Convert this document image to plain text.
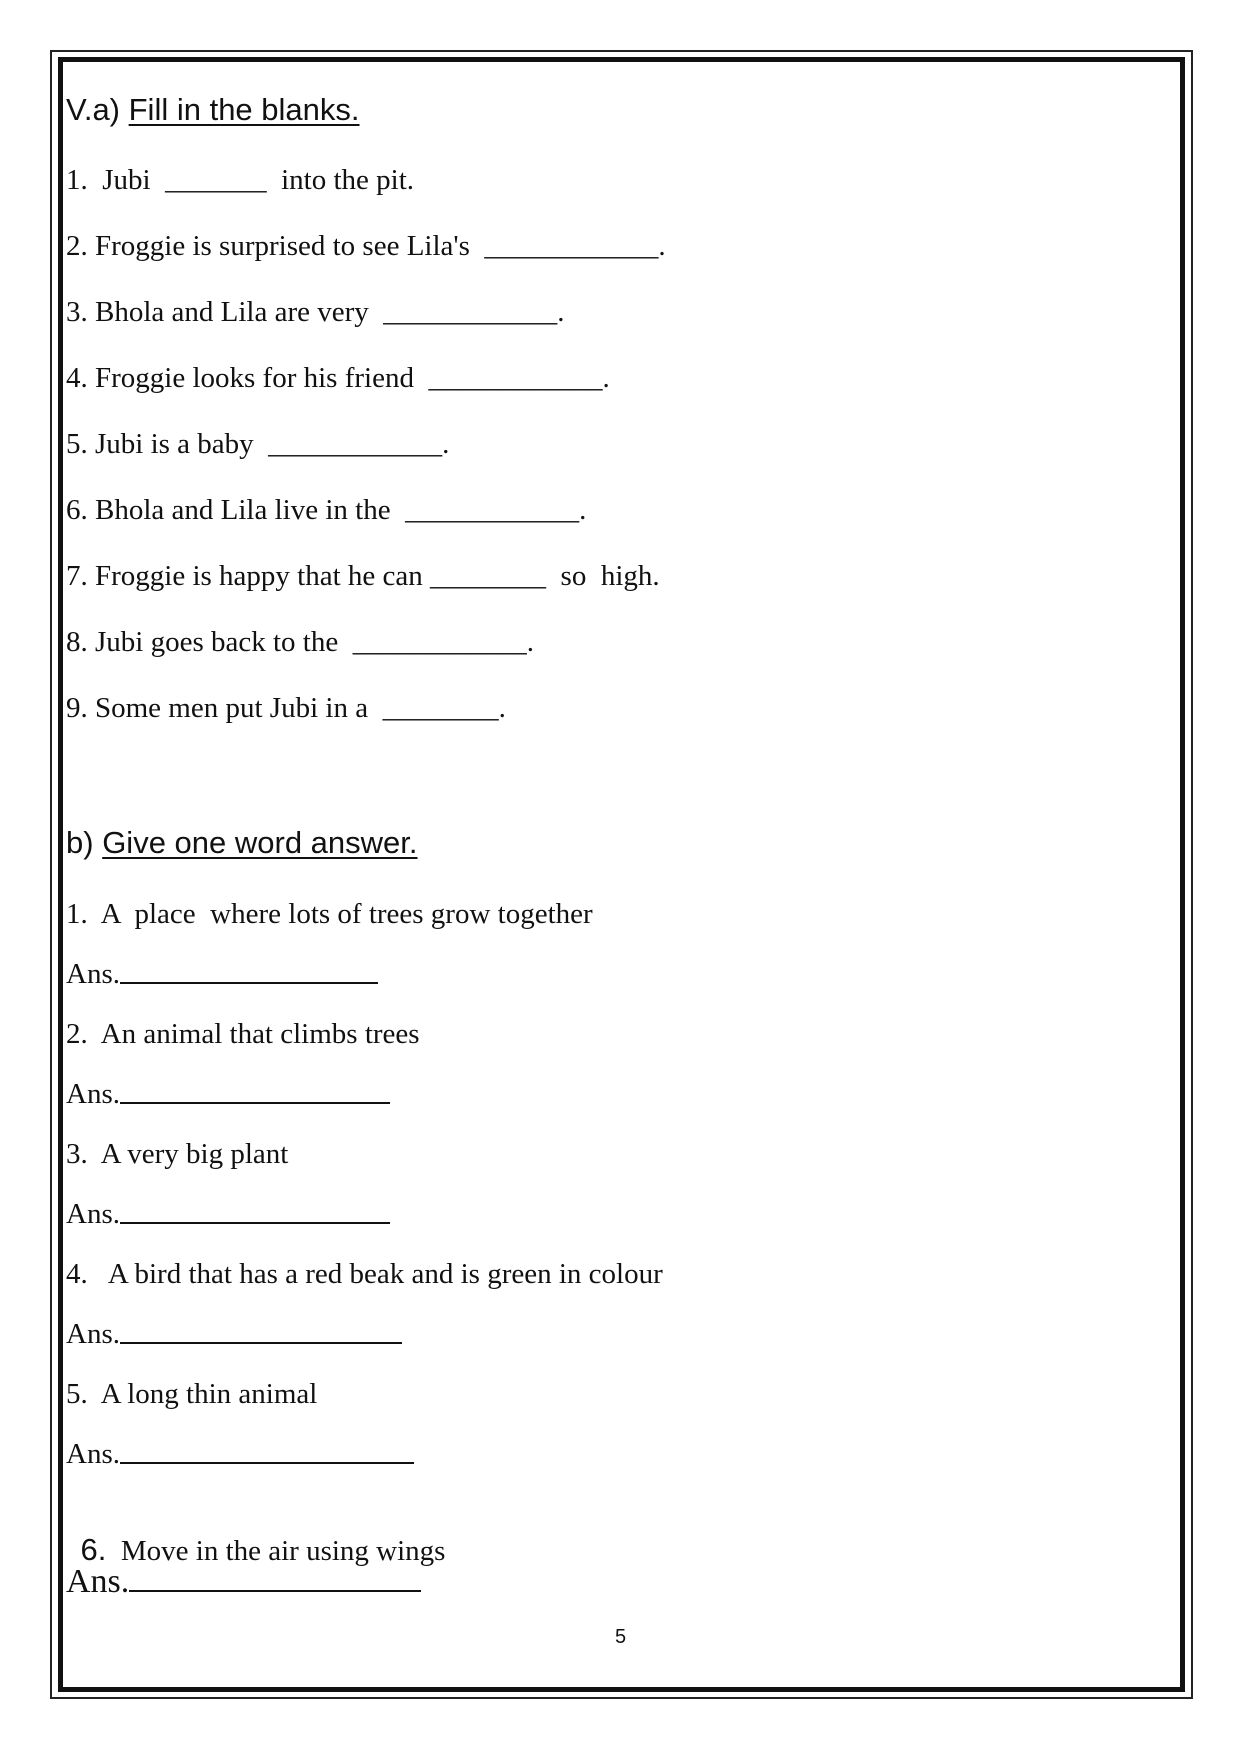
V.a) Fill in the blanks.
1.  Jubi  _______  into the pit.
2. Froggie is surprised to see Lila's  ____________.
3. Bhola and Lila are very  ____________.
4. Froggie looks for his friend  ____________.
5. Jubi is a baby  ____________.
6. Bhola and Lila live in the  ____________.
7. Froggie is happy that he can ________  so  high.
8. Jubi goes back to the  ____________.
9. Some men put Jubi in a  ________.
b) Give one word answer.
1.  A  place  where lots of trees grow together
Ans.
2.  An animal that climbs trees
Ans.
3.  A very big plant
Ans.
4.   A bird that has a red beak and is green in colour
Ans.
5.  A long thin animal
Ans.

6.  Move in the air using wings

Ans.
5
